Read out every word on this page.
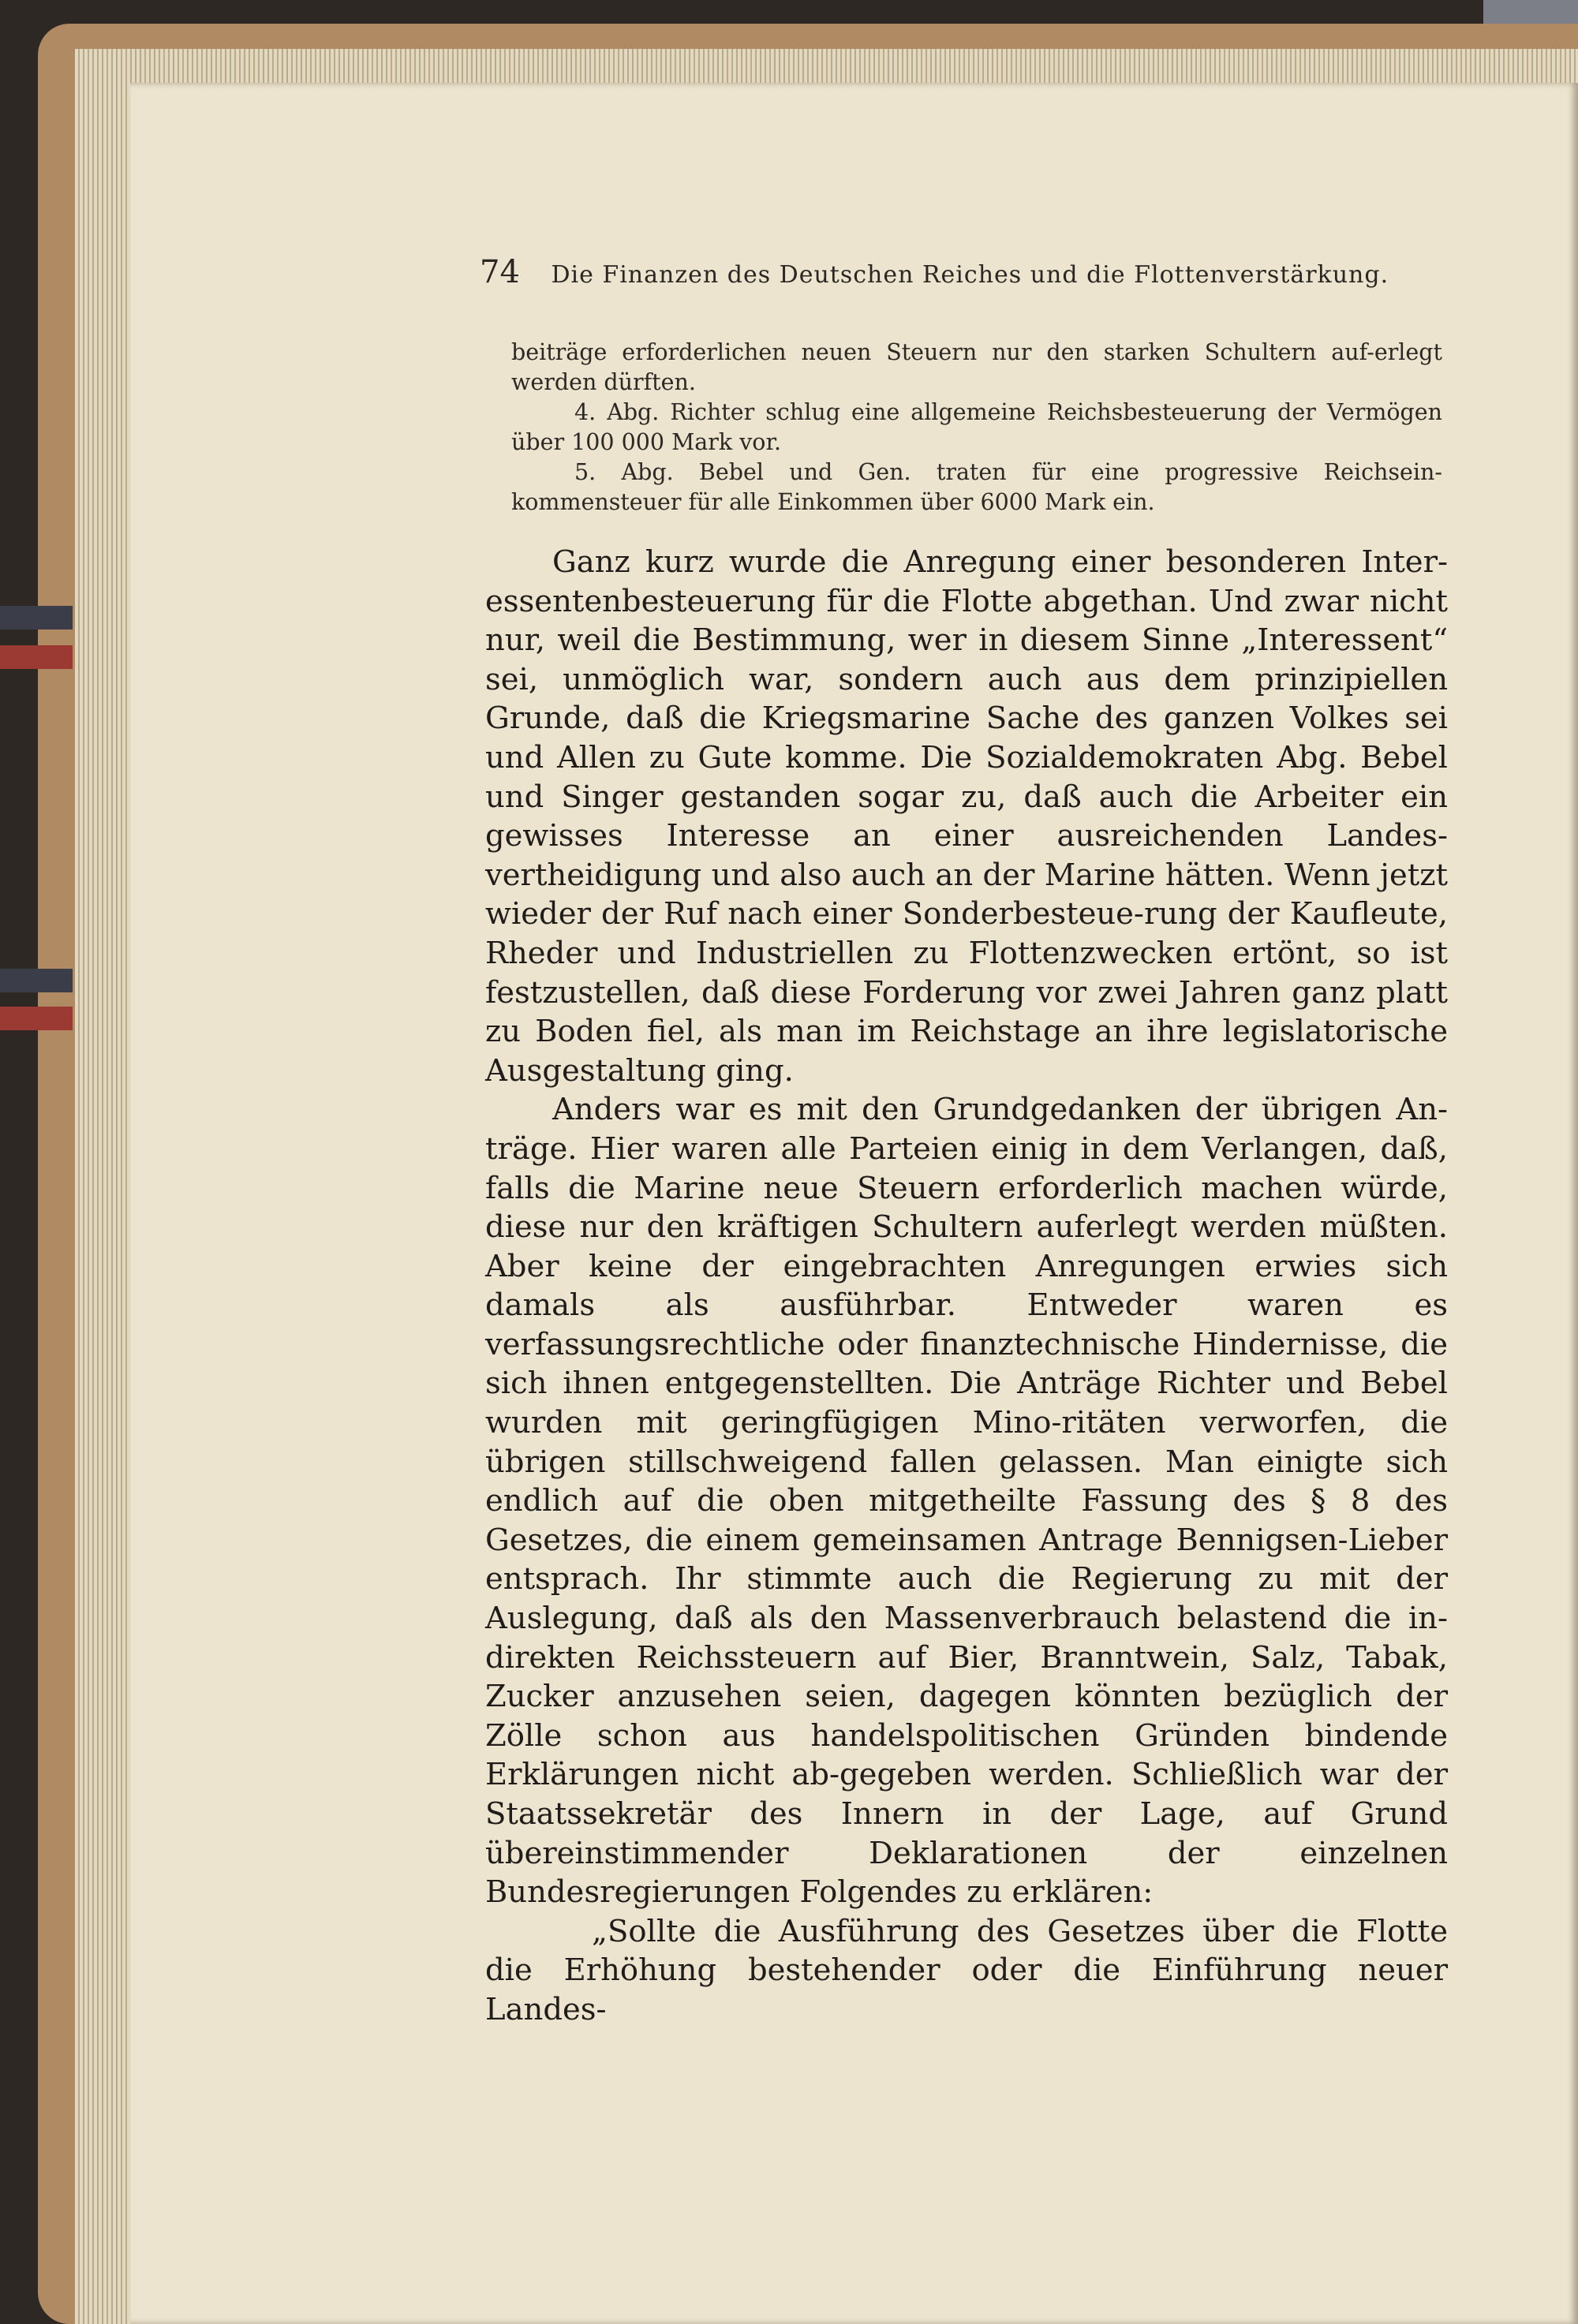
74 Die Finanzen des Deutschen Reiches und die Flottenverstärkung.

beiträge erforderlichen neuen Steuern nur den starken Schultern auf-erlegt werden dürften.

4. Abg. Richter schlug eine allgemeine Reichsbesteuerung der Vermögen über 100 000 Mark vor.

5. Abg. Bebel und Gen. traten für eine progressive Reichsein-kommensteuer für alle Einkommen über 6000 Mark ein.

Ganz kurz wurde die Anregung einer besonderen Inter-essentenbesteuerung für die Flotte abgethan. Und zwar nicht nur, weil die Bestimmung, wer in diesem Sinne „Interessent“ sei, unmöglich war, sondern auch aus dem prinzipiellen Grunde, daß die Kriegsmarine Sache des ganzen Volkes sei und Allen zu Gute komme. Die Sozialdemokraten Abg. Bebel und Singer gestanden sogar zu, daß auch die Arbeiter ein gewisses Interesse an einer ausreichenden Landes-vertheidigung und also auch an der Marine hätten. Wenn jetzt wieder der Ruf nach einer Sonderbesteue-rung der Kaufleute, Rheder und Industriellen zu Flottenzwecken ertönt, so ist festzustellen, daß diese Forderung vor zwei Jahren ganz platt zu Boden fiel, als man im Reichstage an ihre legislatorische Ausgestaltung ging.

Anders war es mit den Grundgedanken der übrigen An-träge. Hier waren alle Parteien einig in dem Verlangen, daß, falls die Marine neue Steuern erforderlich machen würde, diese nur den kräftigen Schultern auferlegt werden müßten. Aber keine der eingebrachten Anregungen erwies sich damals als ausführbar. Entweder waren es verfassungsrechtliche oder finanztechnische Hindernisse, die sich ihnen entgegenstellten. Die Anträge Richter und Bebel wurden mit geringfügigen Mino-ritäten verworfen, die übrigen stillschweigend fallen gelassen. Man einigte sich endlich auf die oben mitgetheilte Fassung des § 8 des Gesetzes, die einem gemeinsamen Antrage Bennigsen-Lieber entsprach. Ihr stimmte auch die Regierung zu mit der Auslegung, daß als den Massenverbrauch belastend die in-direkten Reichssteuern auf Bier, Branntwein, Salz, Tabak, Zucker anzusehen seien, dagegen könnten bezüglich der Zölle schon aus handelspolitischen Gründen bindende Erklärungen nicht ab-gegeben werden. Schließlich war der Staatssekretär des Innern in der Lage, auf Grund übereinstimmender Deklarationen der einzelnen Bundesregierungen Folgendes zu erklären:

„Sollte die Ausführung des Gesetzes über die Flotte die Erhöhung bestehender oder die Einführung neuer Landes-
